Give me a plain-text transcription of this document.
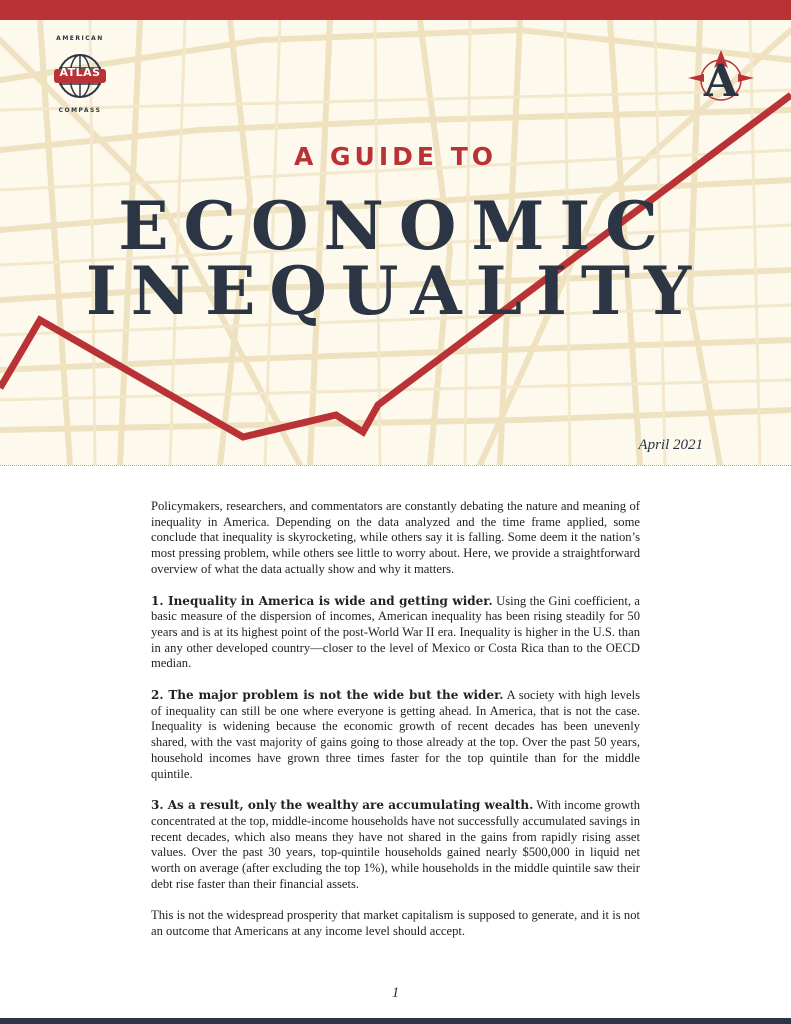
ATLAS
AMERICAN
COMPASS
A
A GUIDE TO
ECONOMIC
INEQUALITY
April 2021

Policymakers, researchers, and commentators are constantly debating the nature and meaning of inequality in America. Depending on the data analyzed and the time frame applied, some conclude that inequality is skyrocketing, while others say it is falling. Some deem it the nation’s most pressing problem, while others see little to worry about. Here, we provide a straightforward overview of what the data actually show and why it matters.

1. Inequality in America is wide and getting wider. Using the Gini coefficient, a basic measure of the dispersion of incomes, American inequality has been rising steadily for 50 years and is at its highest point of the post-World War II era. Inequality is higher in the U.S. than in any other developed country—closer to the level of Mexico or Costa Rica than to the OECD median.

2. The major problem is not the wide but the wider. A society with high levels of inequality can still be one where everyone is getting ahead. In America, that is not the case. Inequality is widening because the economic growth of recent decades has been unevenly shared, with the vast majority of gains going to those already at the top. Over the past 50 years, household incomes have grown three times faster for the top quintile than for the middle quintile.

3. As a result, only the wealthy are accumulating wealth. With income growth concentrated at the top, middle-income households have not successfully accumulated savings in recent decades, which also means they have not shared in the gains from rapidly rising asset values. Over the past 30 years, top-quintile households gained nearly $500,000 in liquid net worth on average (after excluding the top 1%), while households in the middle quintile saw their debt rise faster than their financial assets.

This is not the widespread prosperity that market capitalism is supposed to generate, and it is not an outcome that Americans at any income level should accept.

1
